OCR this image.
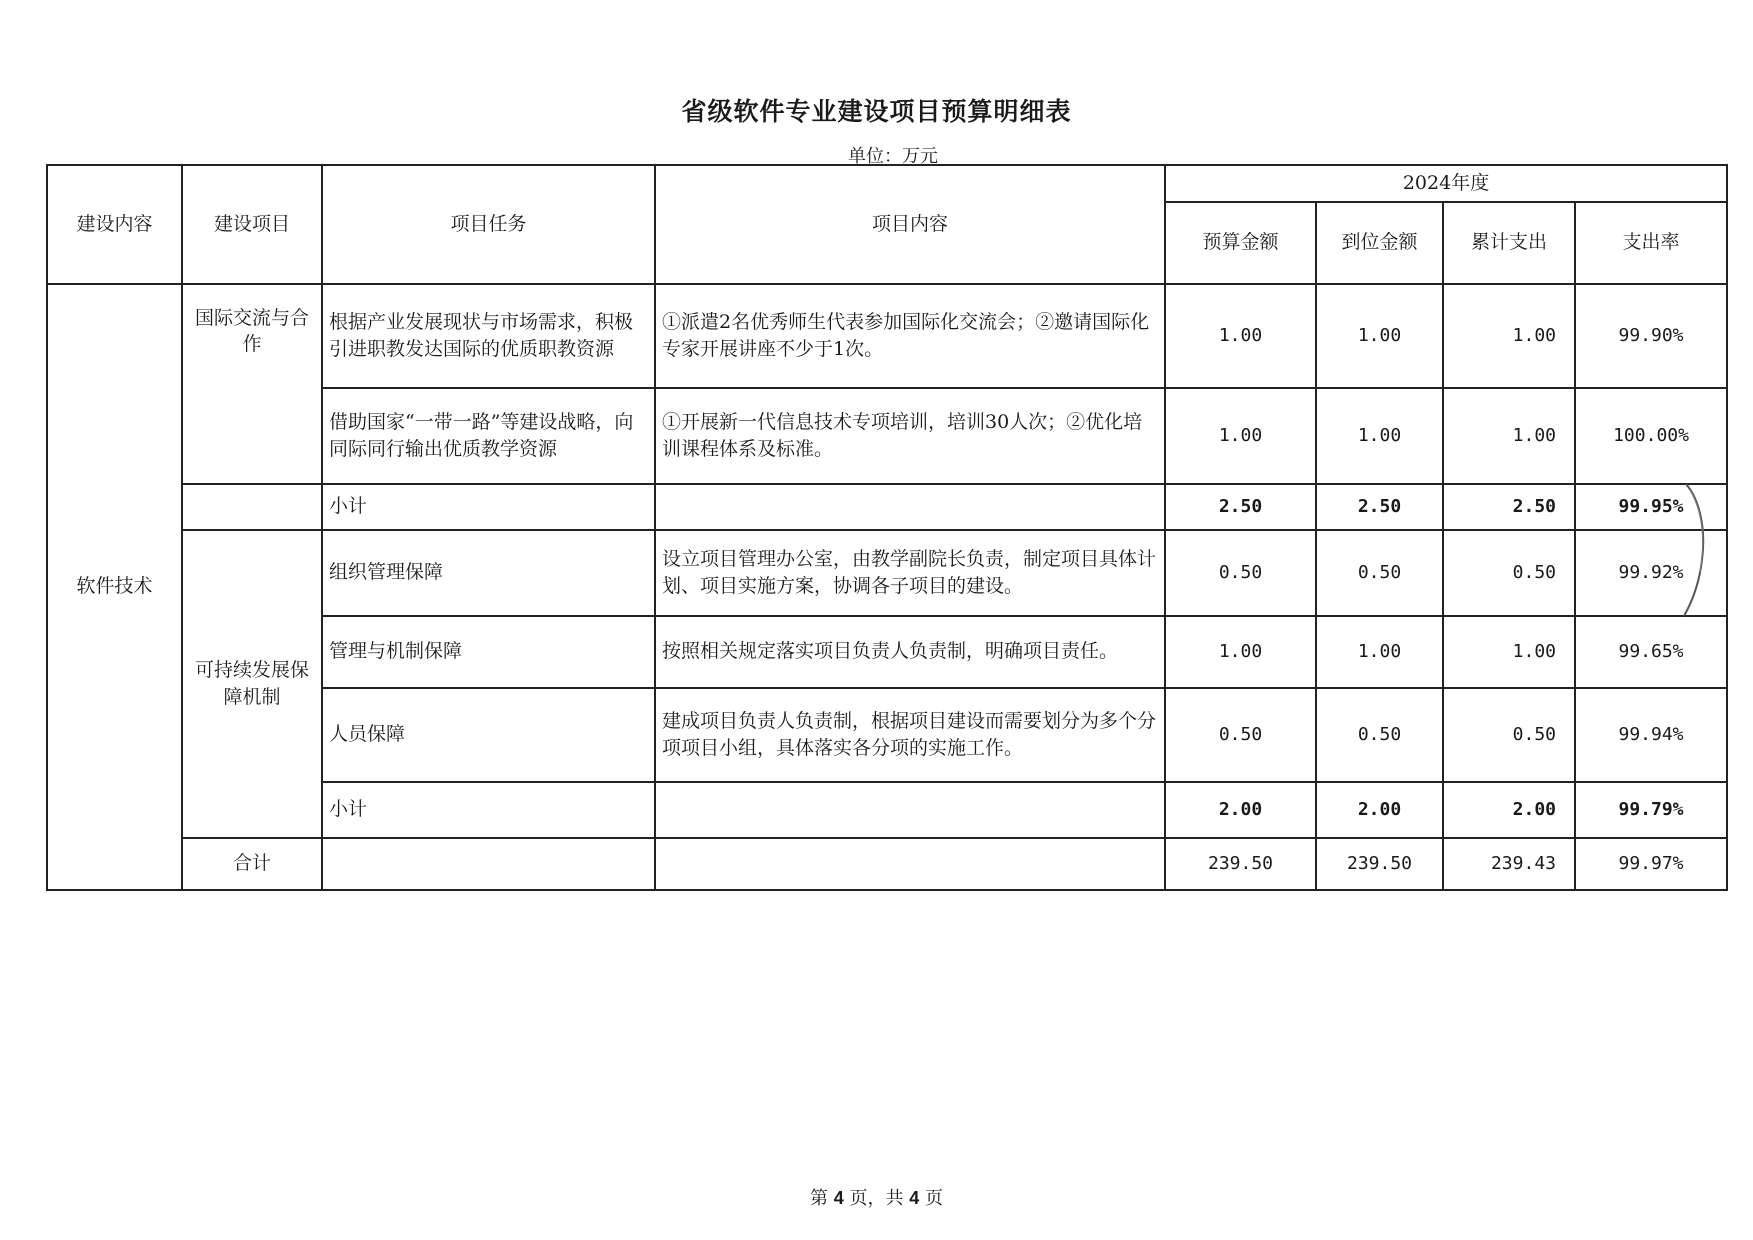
省级软件专业建设项目预算明细表
单位：万元
建设内容	建设项目	项目任务	项目内容	2024年度			
				预算金额	到位金额	累计支出	支出率
软件技术	国际交流与合作	根据产业发展现状与市场需求，积极引进职教发达国际的优质职教资源	①派遣2名优秀师生代表参加国际化交流会；②邀请国际化专家开展讲座不少于1次。	1.00	1.00	1.00	99.90%
		借助国家“一带一路”等建设战略，向同际同行输出优质教学资源	①开展新一代信息技术专项培训，培训30人次；②优化培训课程体系及标准。	1.00	1.00	1.00	100.00%
		小计		2.50	2.50	2.50	99.95%
	可持续发展保障机制	组织管理保障	设立项目管理办公室，由教学副院长负责，制定项目具体计划、项目实施方案，协调各子项目的建设。	0.50	0.50	0.50	99.92%
		管理与机制保障	按照相关规定落实项目负责人负责制，明确项目责任。	1.00	1.00	1.00	99.65%
		人员保障	建成项目负责人负责制，根据项目建设而需要划分为多个分项项目小组，具体落实各分项的实施工作。	0.50	0.50	0.50	99.94%
		小计		2.00	2.00	2.00	99.79%
	合计			239.50	239.50	239.43	99.97%
第 4 页，共 4 页
